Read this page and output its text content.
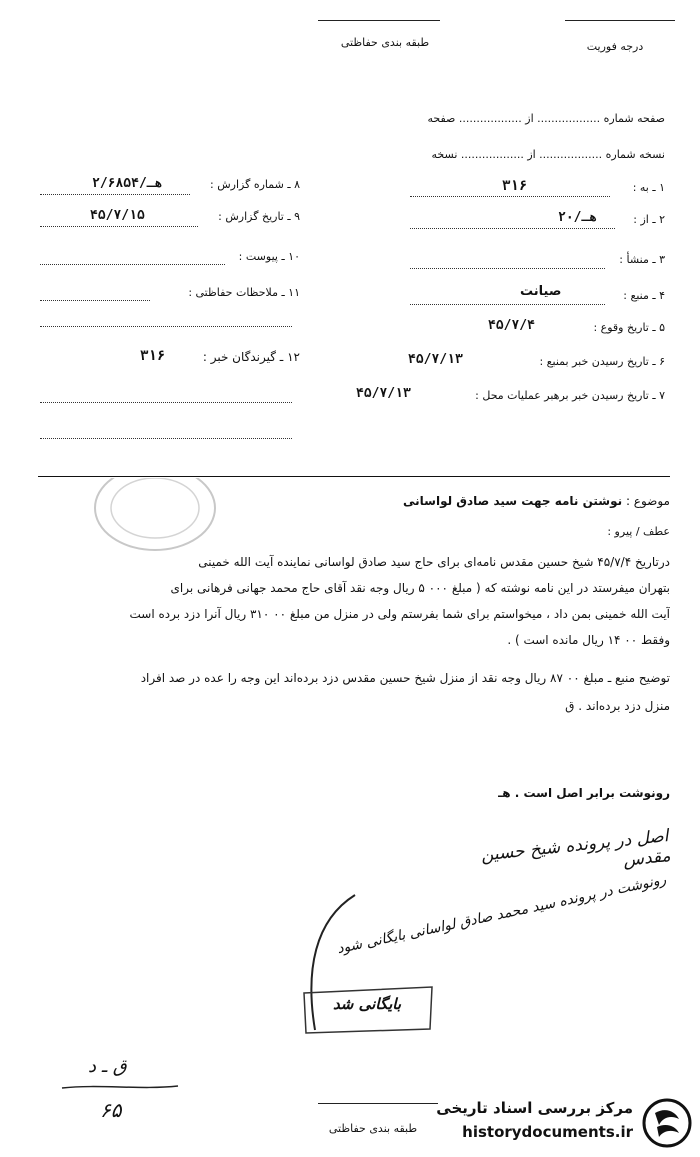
طبقه بندی حفاظتی	درجه فوریت
صفحه شماره .................. از .................. صفحه
نسخه شماره .................. از .................. نسخه
۸ ـ شماره گزارش :
۲/۶۸۵۴/هـ
۹ ـ تاریخ گزارش :
۴۵/۷/۱۵
۱۰ ـ پیوست :
۱۱ ـ ملاحظات حفاظتی :
۱۲ ـ گیرندگان خبر :
۳۱۶
۱ ـ به :
۳۱۶
۲ ـ از :
۲۰/هـ
۳ ـ منشأ :
۴ ـ منبع :
صیانت
۵ ـ تاریخ وقوع :
۴۵/۷/۴
۶ ـ تاریخ رسیدن خبر بمنبع :
۴۵/۷/۱۳
۷ ـ تاریخ رسیدن خبر برهبر عملیات محل :
۴۵/۷/۱۳
موضوع : نوشتن نامه جهت سید صادق لواسانی
عطف / پیرو :
درتاریخ ۴۵/۷/۴ شیخ حسین مقدس نامه‌ای برای حاج سید صادق لواسانی نماینده آیت الله خمینی
بتهران میفرستد در این نامه نوشته که ( مبلغ ۰۰۰ ۵ ریال وجه نقد آقای حاج محمد جهانی فرهانی برای
آیت الله خمینی بمن داد ، میخواستم برای شما بفرستم ولی در منزل من مبلغ ۰۰ ۳۱۰ ریال آنرا دزد برده است
وفقط ۰۰ ۱۴ ریال مانده است ) .
توضیح منبع ـ مبلغ ۰۰ ۸۷ ریال وجه نقد از منزل شیخ حسین مقدس دزد برده‌اند این وجه را عده در صد افراد
منزل دزد برده‌اند . ق
رونوشت برابر اصل است . هـ
اصل در پرونده شیخ حسین مقدس
رونوشت در پرونده سید محمد صادق لواسانی بایگانی شود
بایگانی شد
ق ـ د
۶۵
طبقه بندی حفاظتی
مرکز بررسی اسناد تاریخی
historydocuments.ir
